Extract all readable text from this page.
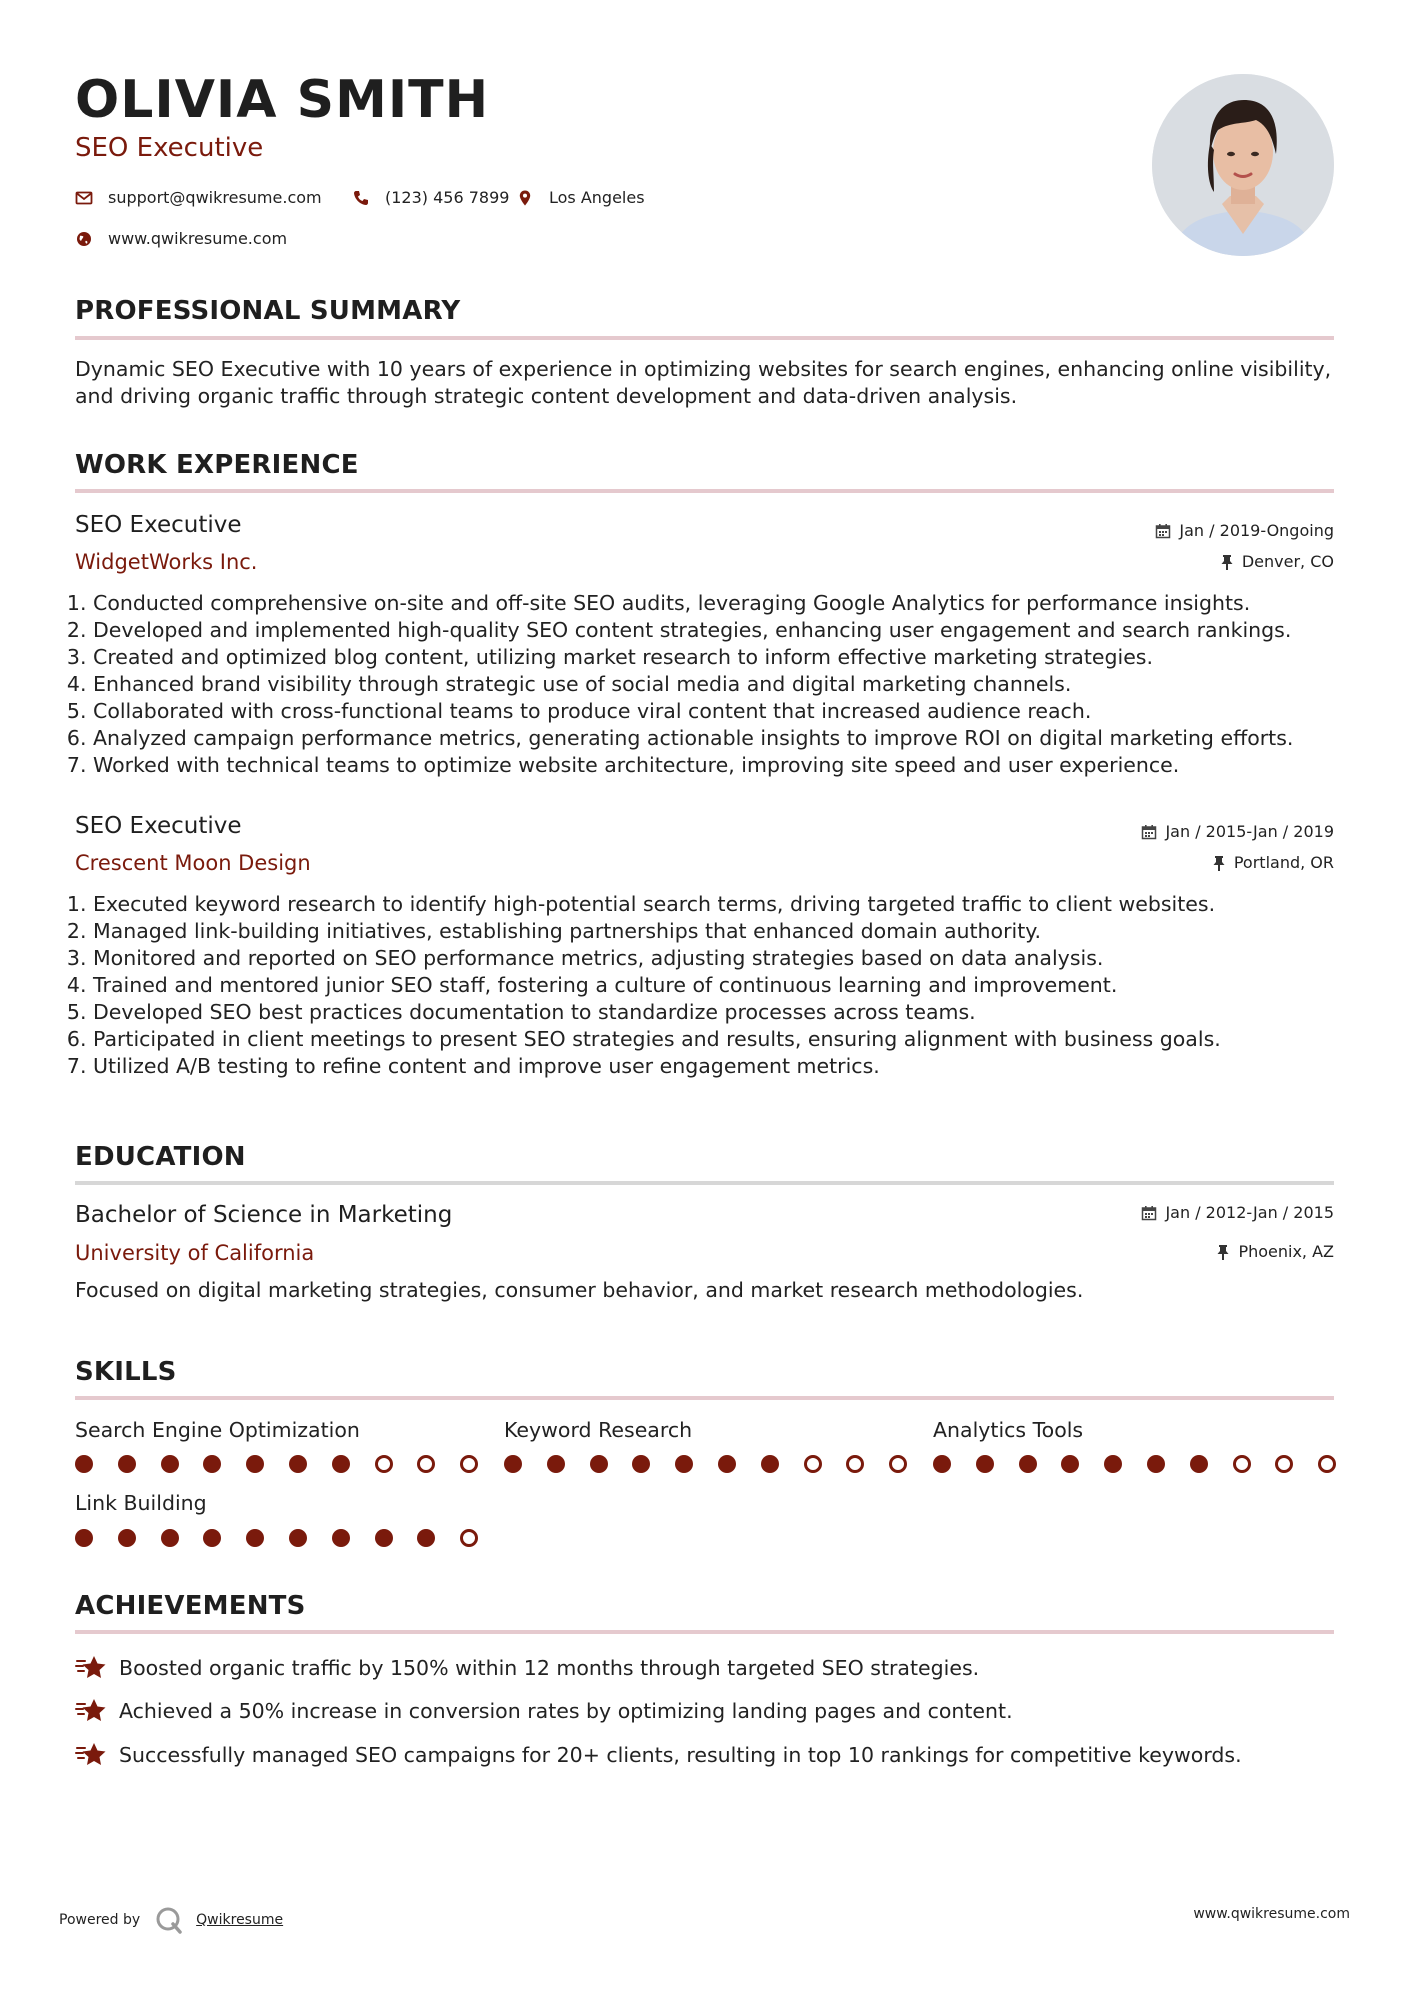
OLIVIA SMITH
SEO Executive
support@qwikresume.com	(123) 456 7899 Los Angeles
www.qwikresume.com
PROFESSIONAL SUMMARY
Dynamic SEO Executive with 10 years of experience in optimizing websites for search engines, enhancing online visibility, and driving organic traffic through strategic content development and data-driven analysis.
WORK EXPERIENCE
SEO Executive
WidgetWorks Inc.
Jan / 2019-Ongoing
Denver, CO
1. Conducted comprehensive on-site and off-site SEO audits, leveraging Google Analytics for performance insights.
2. Developed and implemented high-quality SEO content strategies, enhancing user engagement and search rankings.
3. Created and optimized blog content, utilizing market research to inform effective marketing strategies.
4. Enhanced brand visibility through strategic use of social media and digital marketing channels.
5. Collaborated with cross-functional teams to produce viral content that increased audience reach.
6. Analyzed campaign performance metrics, generating actionable insights to improve ROI on digital marketing efforts.
7. Worked with technical teams to optimize website architecture, improving site speed and user experience.
SEO Executive
Crescent Moon Design
Jan / 2015-Jan / 2019
Portland, OR
1. Executed keyword research to identify high-potential search terms, driving targeted traffic to client websites.
2. Managed link-building initiatives, establishing partnerships that enhanced domain authority.
3. Monitored and reported on SEO performance metrics, adjusting strategies based on data analysis.
4. Trained and mentored junior SEO staff, fostering a culture of continuous learning and improvement.
5. Developed SEO best practices documentation to standardize processes across teams.
6. Participated in client meetings to present SEO strategies and results, ensuring alignment with business goals.
7. Utilized A/B testing to refine content and improve user engagement metrics.
EDUCATION
Bachelor of Science in Marketing
University of California
Jan / 2012-Jan / 2015
Phoenix, AZ
Focused on digital marketing strategies, consumer behavior, and market research methodologies.
SKILLS
Search Engine Optimization	Keyword Research	Analytics Tools
Link Building
ACHIEVEMENTS
Boosted organic traffic by 150% within 12 months through targeted SEO strategies.
Achieved a 50% increase in conversion rates by optimizing landing pages and content.
Successfully managed SEO campaigns for 20+ clients, resulting in top 10 rankings for competitive keywords.
Powered by	Qwikresume	www.qwikresume.com
